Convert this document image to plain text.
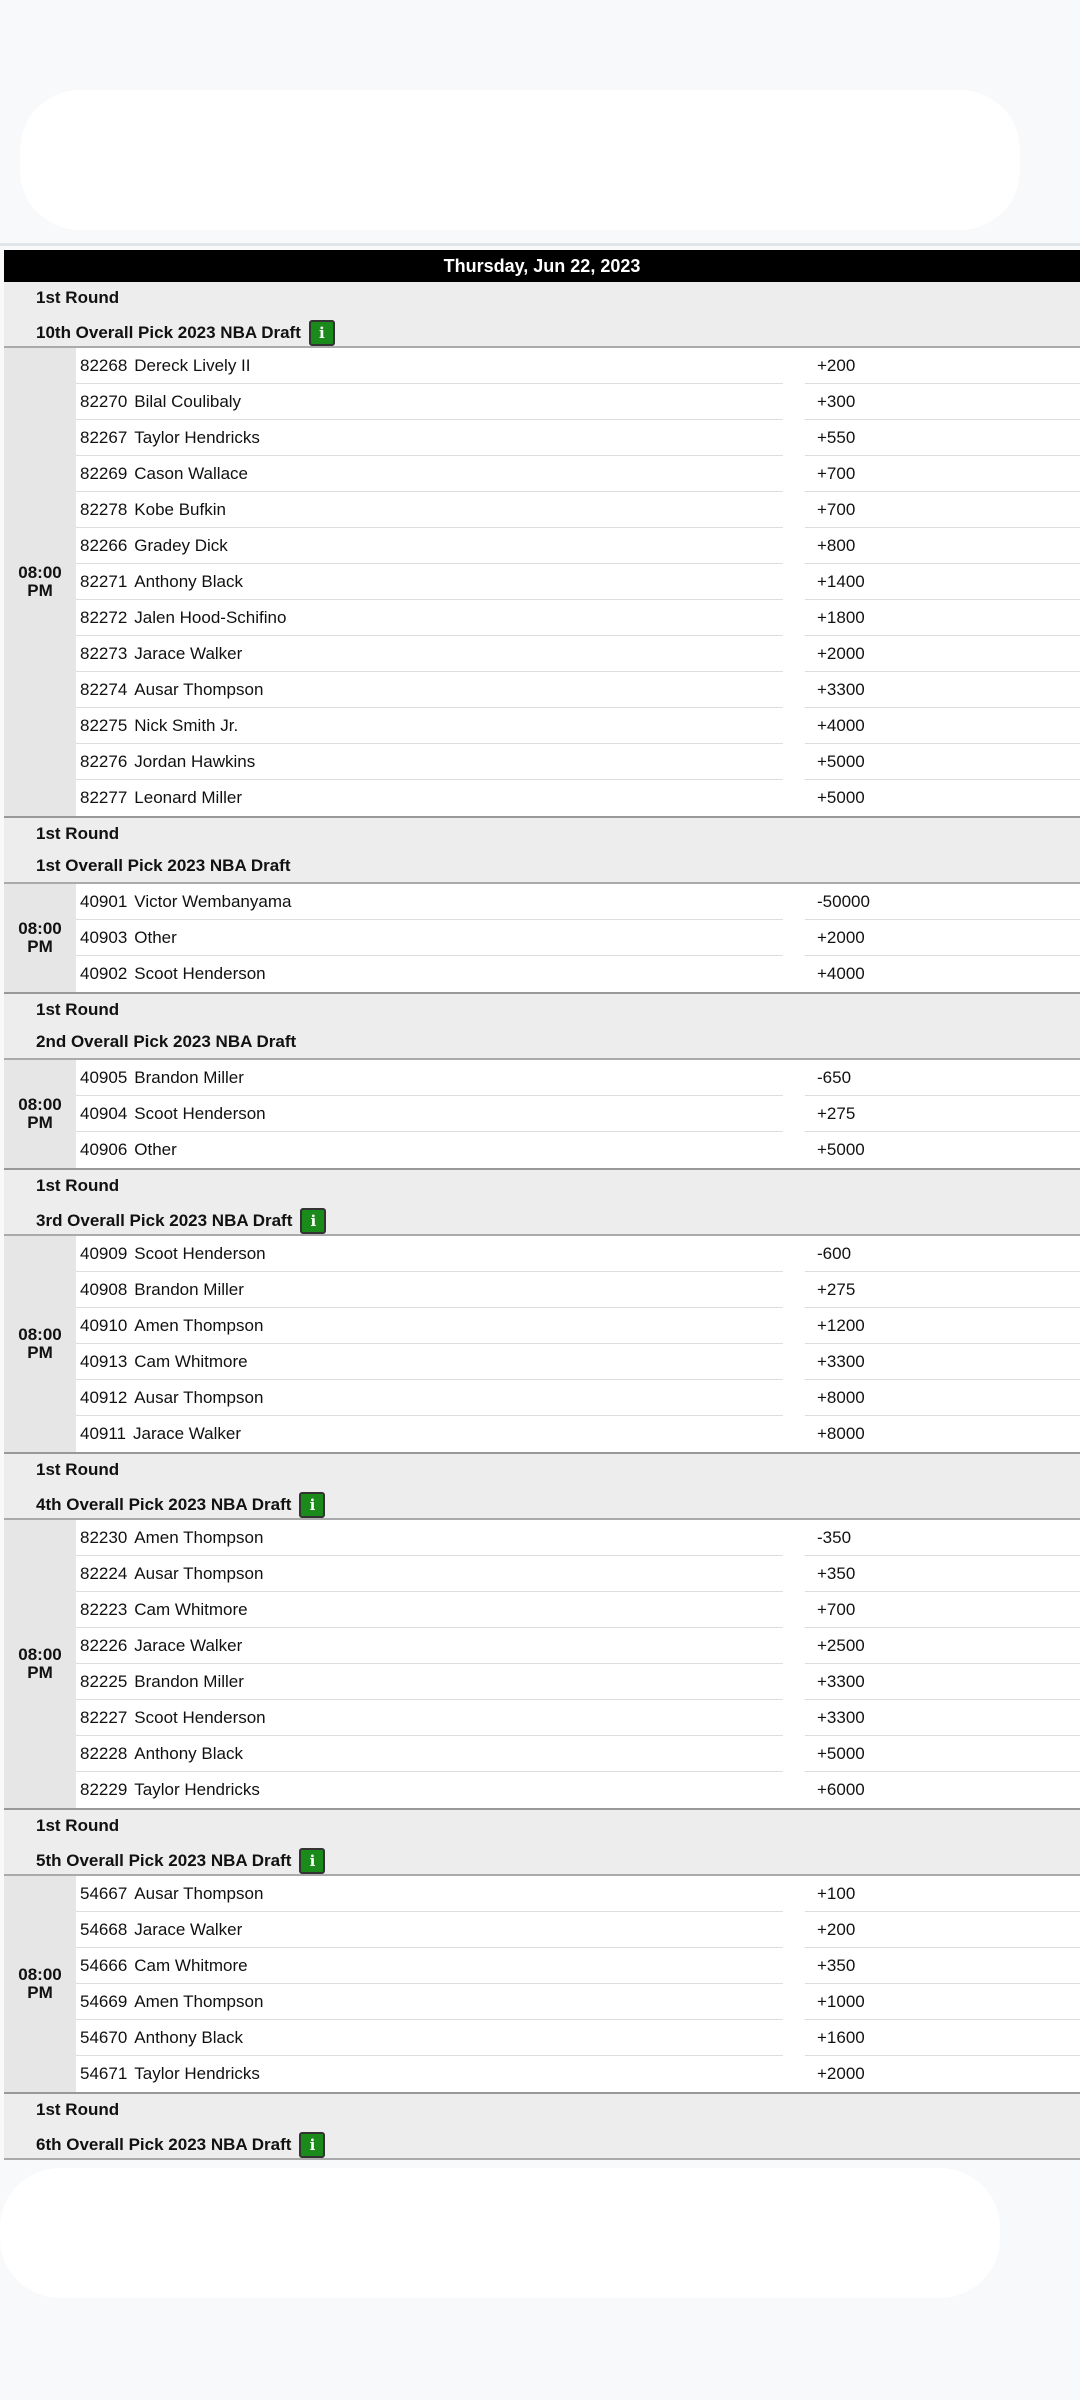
Thursday, Jun 22, 2023
1st Round
10th Overall Pick 2023 NBA Draft	i
08:00
PM
82268 Dereck Lively II	+200
82270 Bilal Coulibaly	+300
82267 Taylor Hendricks	+550
82269 Cason Wallace	+700
82278 Kobe Bufkin	+700
82266 Gradey Dick	+800
82271 Anthony Black	+1400
82272 Jalen Hood-Schifino	+1800
82273 Jarace Walker	+2000
82274 Ausar Thompson	+3300
82275 Nick Smith Jr.	+4000
82276 Jordan Hawkins	+5000
82277 Leonard Miller	+5000
1st Round
1st Overall Pick 2023 NBA Draft
08:00
PM
40901 Victor Wembanyama	-50000
40903 Other	+2000
40902 Scoot Henderson	+4000
1st Round
2nd Overall Pick 2023 NBA Draft
08:00
PM
40905 Brandon Miller	-650
40904 Scoot Henderson	+275
40906 Other	+5000
1st Round
3rd Overall Pick 2023 NBA Draft	i
08:00
PM
40909 Scoot Henderson	-600
40908 Brandon Miller	+275
40910 Amen Thompson	+1200
40913 Cam Whitmore	+3300
40912 Ausar Thompson	+8000
40911 Jarace Walker	+8000
1st Round
4th Overall Pick 2023 NBA Draft	i
08:00
PM
82230 Amen Thompson	-350
82224 Ausar Thompson	+350
82223 Cam Whitmore	+700
82226 Jarace Walker	+2500
82225 Brandon Miller	+3300
82227 Scoot Henderson	+3300
82228 Anthony Black	+5000
82229 Taylor Hendricks	+6000
1st Round
5th Overall Pick 2023 NBA Draft	i
08:00
PM
54667 Ausar Thompson	+100
54668 Jarace Walker	+200
54666 Cam Whitmore	+350
54669 Amen Thompson	+1000
54670 Anthony Black	+1600
54671 Taylor Hendricks	+2000
1st Round
6th Overall Pick 2023 NBA Draft	i
